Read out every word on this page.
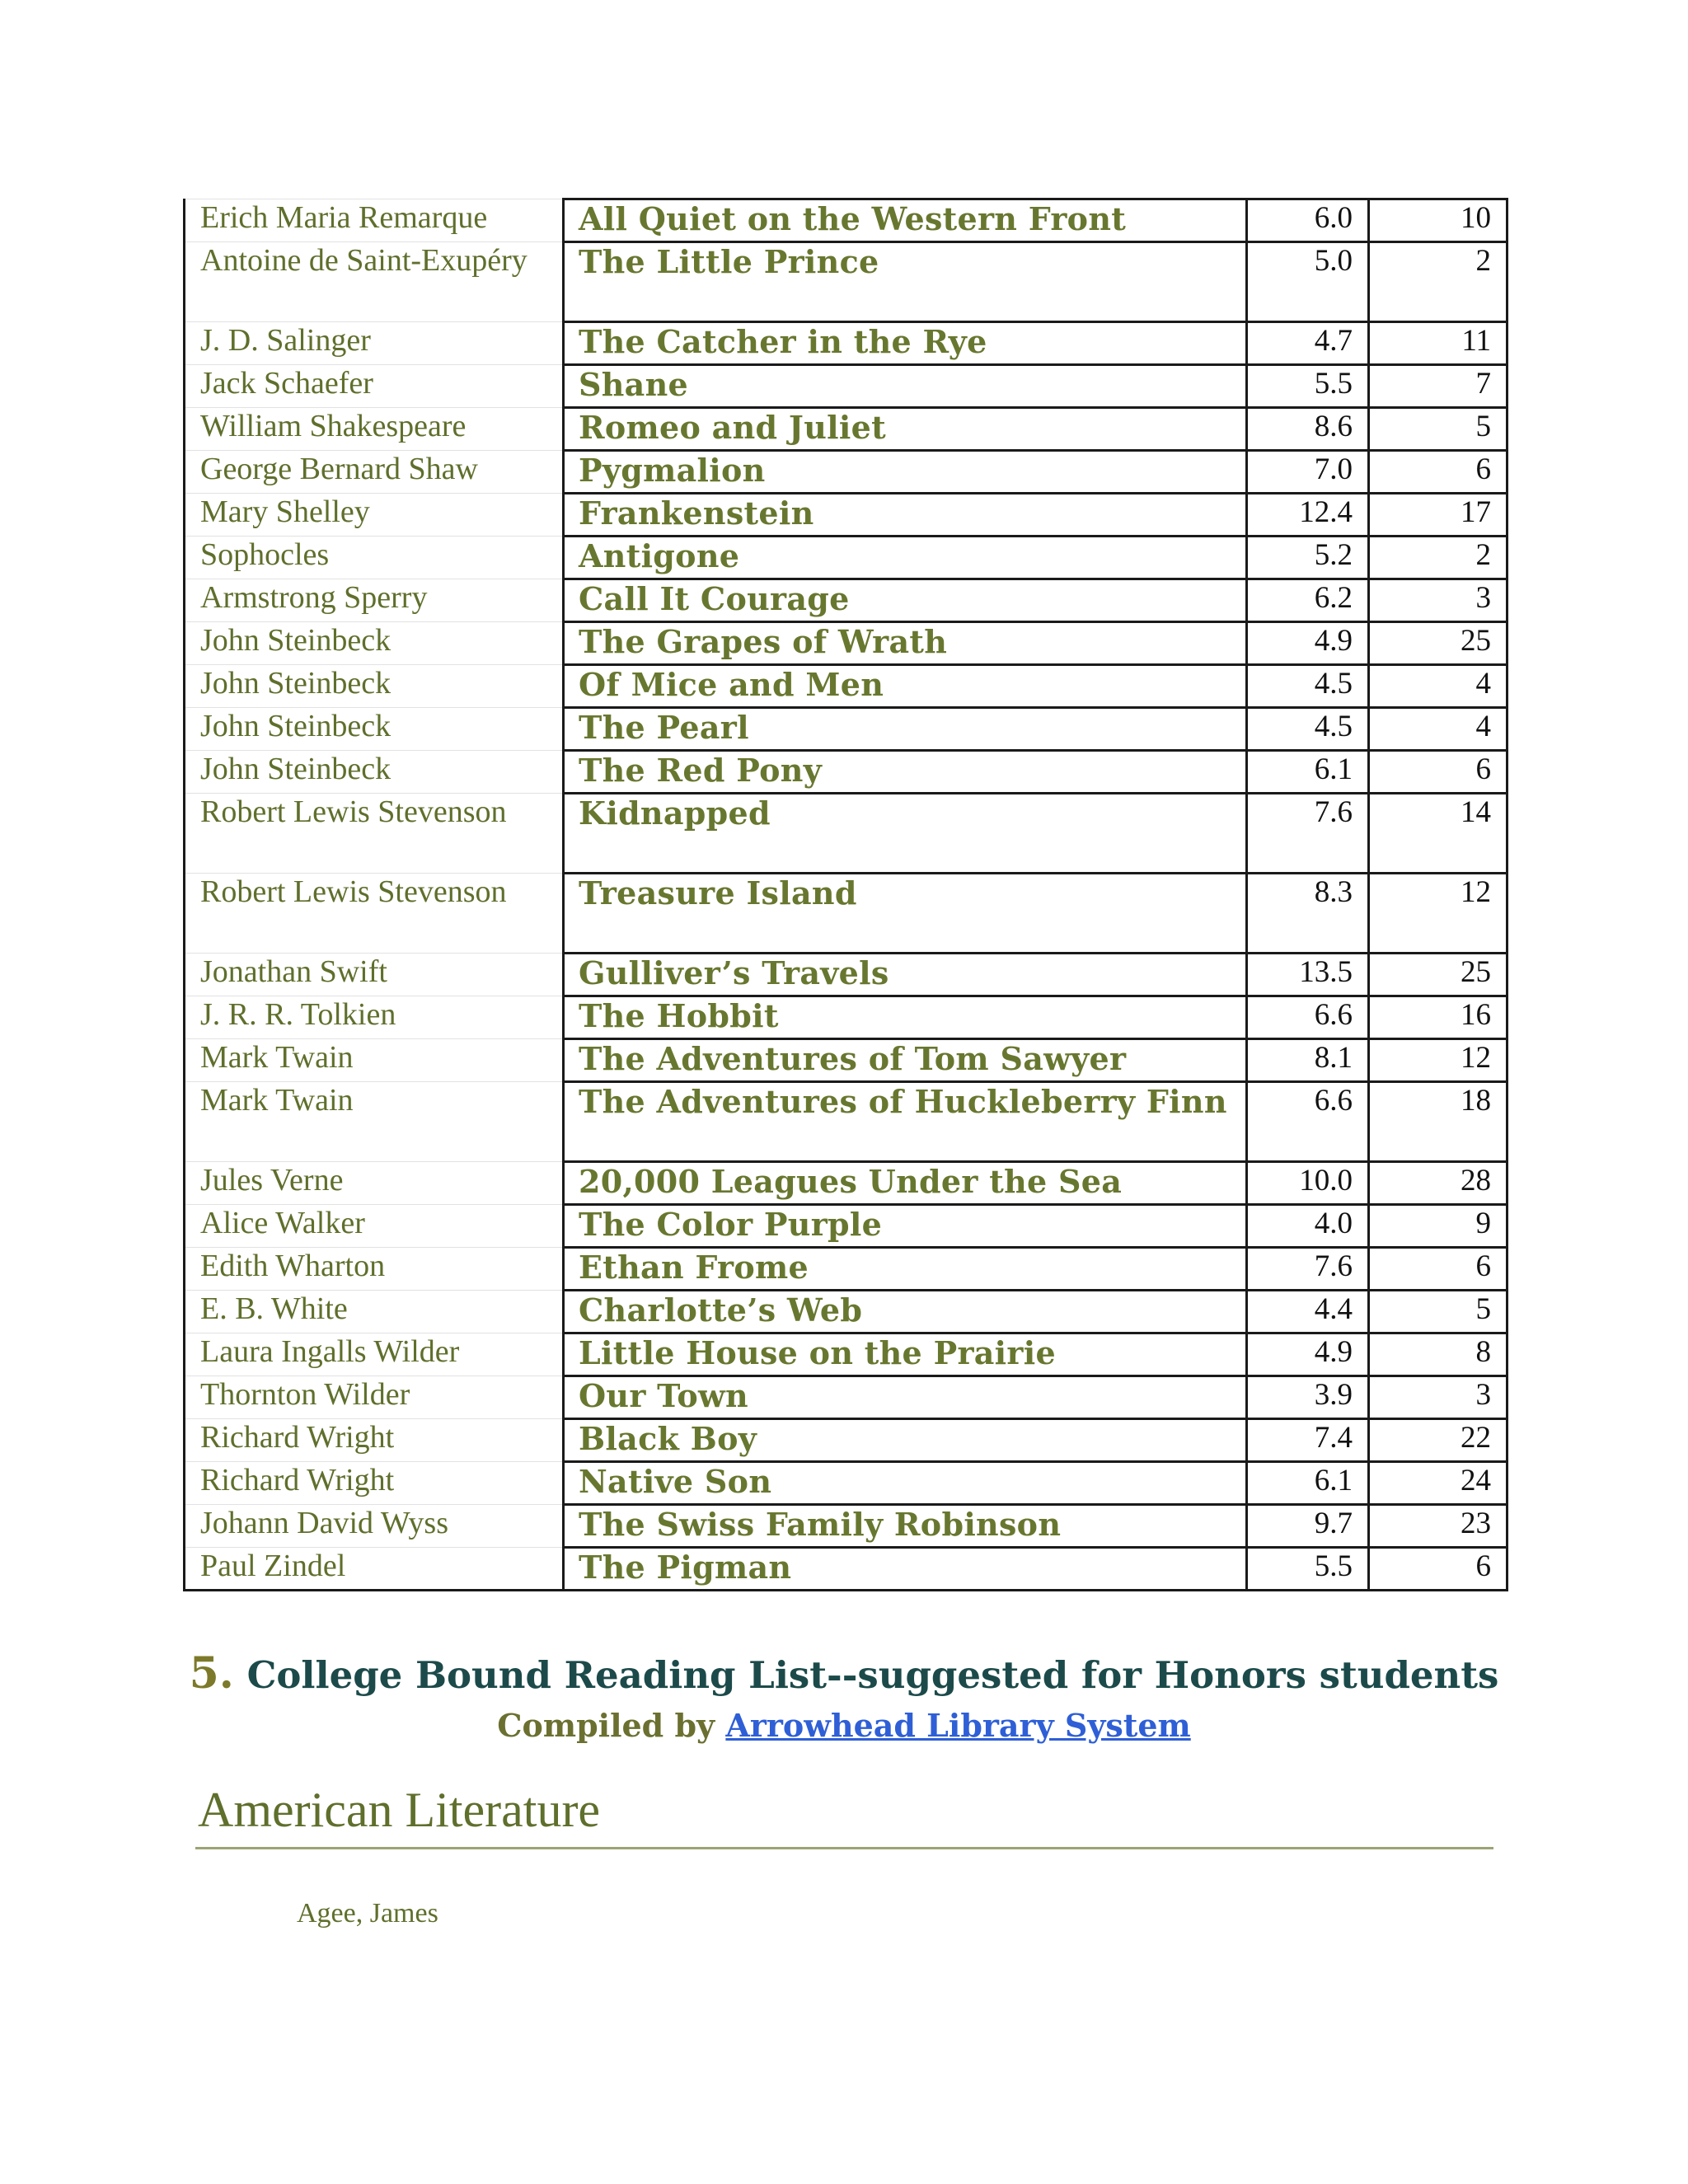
Erich Maria Remarque	All Quiet on the Western Front	6.0	10
Antoine de Saint-Exupéry	The Little Prince	5.0	2
J. D. Salinger	The Catcher in the Rye	4.7	11
Jack Schaefer	Shane	5.5	7
William Shakespeare	Romeo and Juliet	8.6	5
George Bernard Shaw	Pygmalion	7.0	6
Mary Shelley	Frankenstein	12.4	17
Sophocles	Antigone	5.2	2
Armstrong Sperry	Call It Courage	6.2	3
John Steinbeck	The Grapes of Wrath	4.9	25
John Steinbeck	Of Mice and Men	4.5	4
John Steinbeck	The Pearl	4.5	4
John Steinbeck	The Red Pony	6.1	6
Robert Lewis Stevenson	Kidnapped	7.6	14
Robert Lewis Stevenson	Treasure Island	8.3	12
Jonathan Swift	Gulliver’s Travels	13.5	25
J. R. R. Tolkien	The Hobbit	6.6	16
Mark Twain	The Adventures of Tom Sawyer	8.1	12
Mark Twain	The Adventures of Huckleberry Finn	6.6	18
Jules Verne	20,000 Leagues Under the Sea	10.0	28
Alice Walker	The Color Purple	4.0	9
Edith Wharton	Ethan Frome	7.6	6
E. B. White	Charlotte’s Web	4.4	5
Laura Ingalls Wilder	Little House on the Prairie	4.9	8
Thornton Wilder	Our Town	3.9	3
Richard Wright	Black Boy	7.4	22
Richard Wright	Native Son	6.1	24
Johann David Wyss	The Swiss Family Robinson	9.7	23
Paul Zindel	The Pigman	5.5	6
5. College Bound Reading List--suggested for Honors students
Compiled by Arrowhead Library System
American Literature
Agee, James
